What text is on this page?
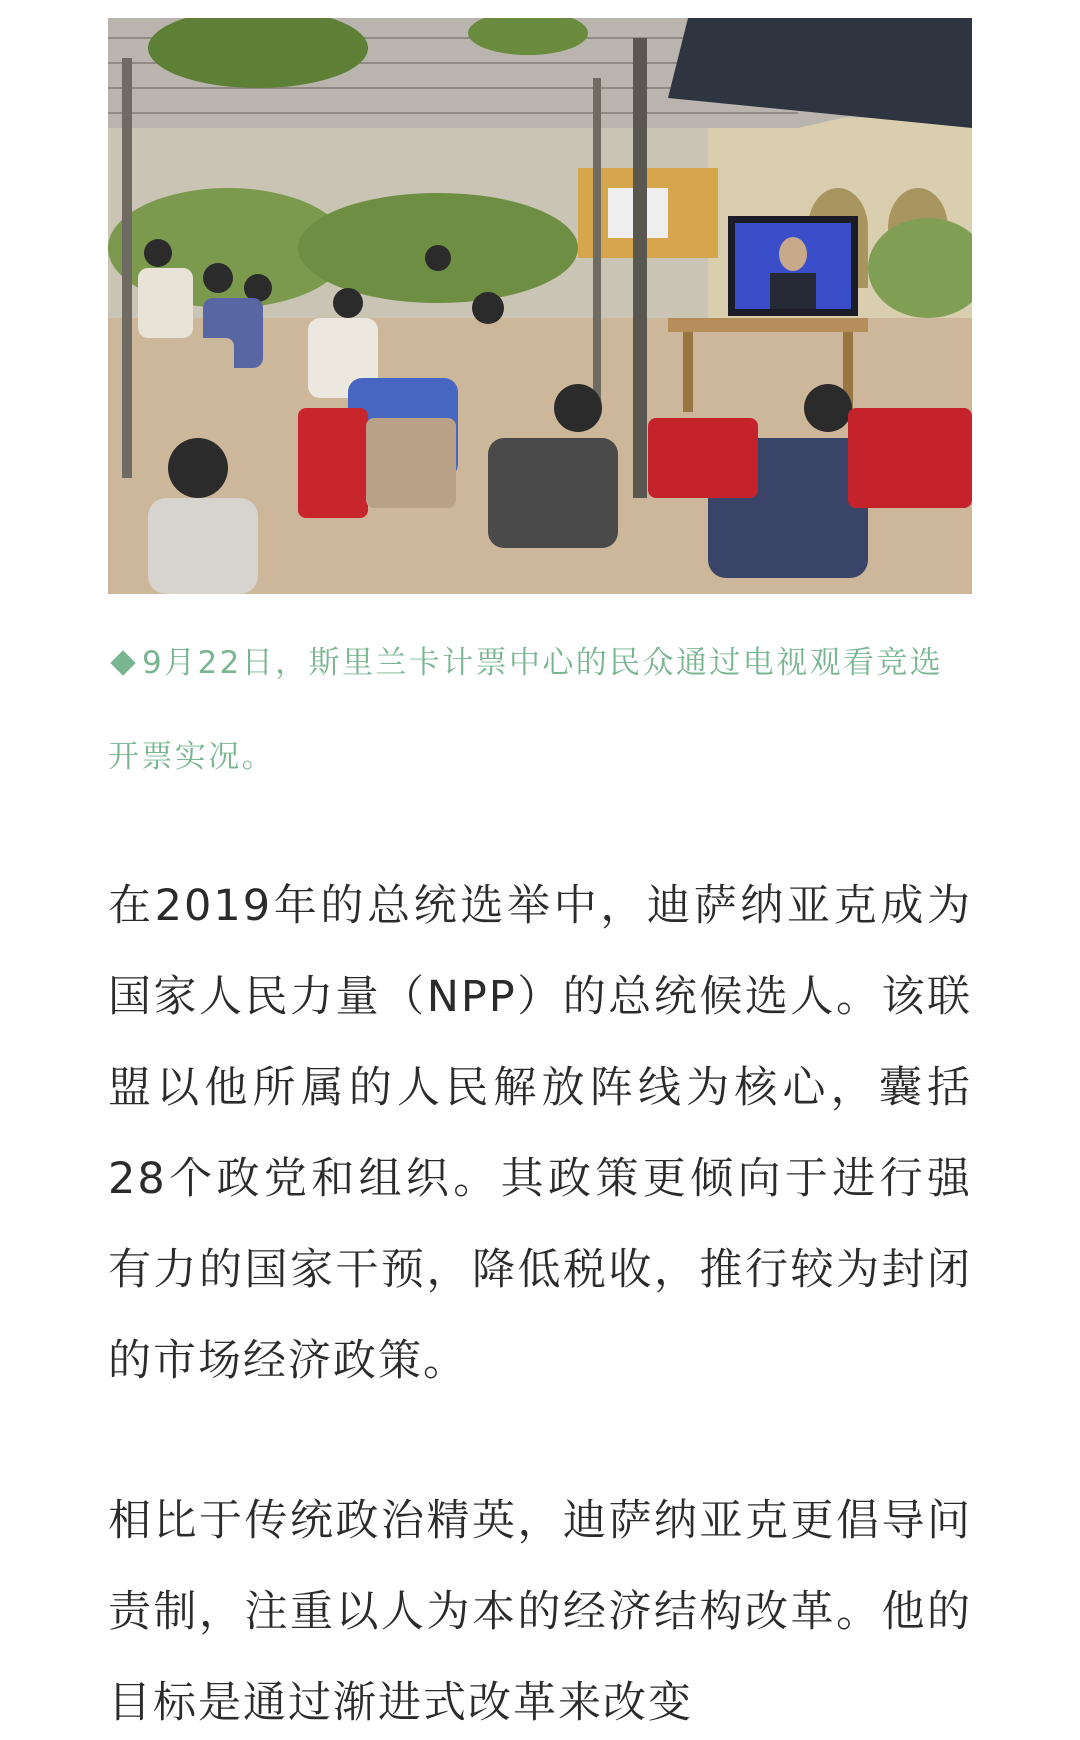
9月22日，斯里兰卡计票中心的民众通过电视观看竞选开票实况。

在2019年的总统选举中，迪萨纳亚克成为国家人民力量（NPP）的总统候选人。该联盟以他所属的人民解放阵线为核心，囊括28个政党和组织。其政策更倾向于进行强有力的国家干预，降低税收，推行较为封闭的市场经济政策。

相比于传统政治精英，迪萨纳亚克更倡导问责制，注重以人为本的经济结构改革。他的目标是通过渐进式改革来改变
